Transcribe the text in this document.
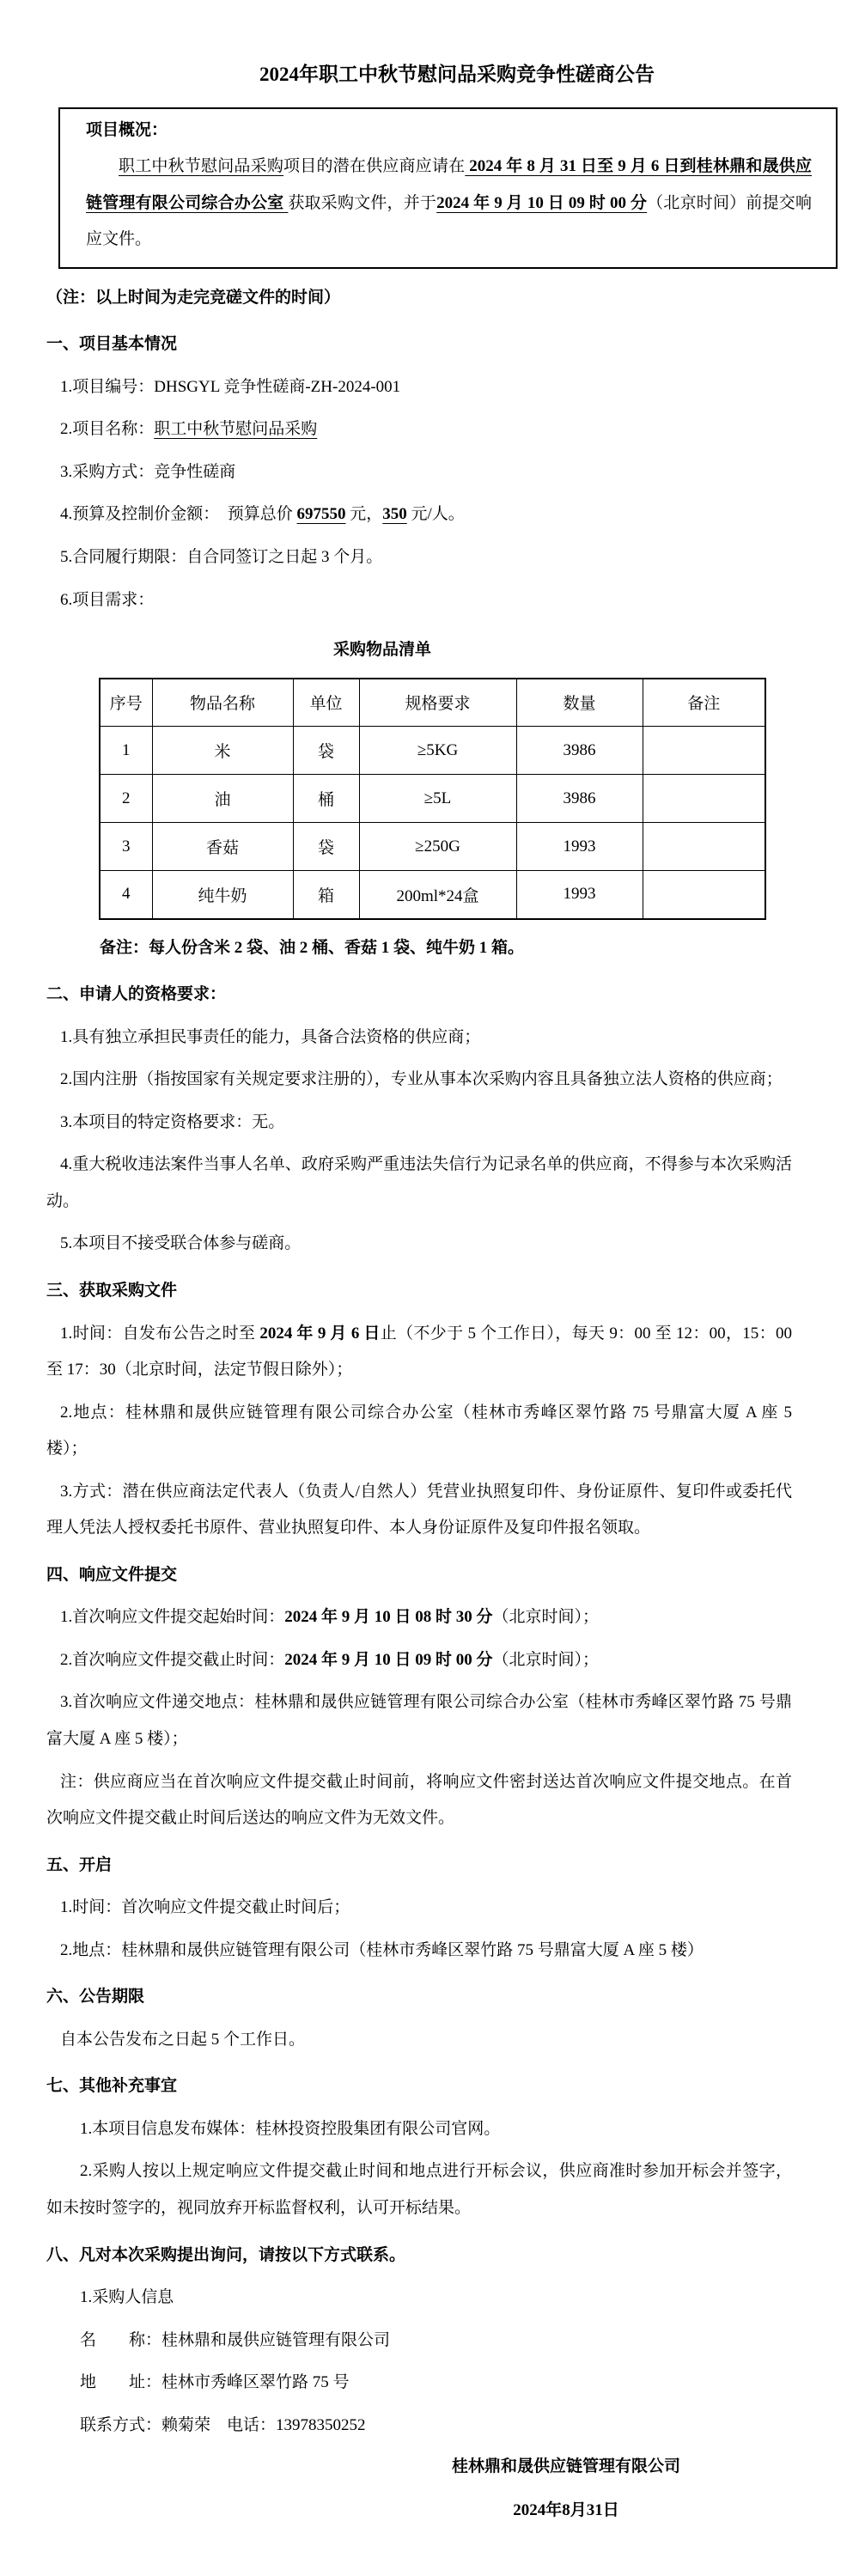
2024年职工中秋节慰问品采购竞争性磋商公告
项目概况：
职工中秋节慰问品采购项目的潜在供应商应请在 2024 年 8 月 31 日至 9 月 6 日到桂林鼎和晟供应链管理有限公司综合办公室 获取采购文件，并于2024 年 9 月 10 日 09 时 00 分（北京时间）前提交响应文件。
（注：以上时间为走完竞磋文件的时间）
一、项目基本情况
1.项目编号：DHSGYL 竞争性磋商-ZH-2024-001
2.项目名称：职工中秋节慰问品采购
3.采购方式：竞争性磋商
4.预算及控制价金额：　预算总价 697550 元，350 元/人。
5.合同履行期限：自合同签订之日起 3 个月。
6.项目需求：
采购物品清单
序号	物品名称	单位	规格要求	数量	备注
1	米	袋	≥5KG	3986	
2	油	桶	≥5L	3986	
3	香菇	袋	≥250G	1993	
4	纯牛奶	箱	200ml*24盒	1993	
备注：每人份含米 2 袋、油 2 桶、香菇 1 袋、纯牛奶 1 箱。
二、申请人的资格要求：
1.具有独立承担民事责任的能力，具备合法资格的供应商；
2.国内注册（指按国家有关规定要求注册的），专业从事本次采购内容且具备独立法人资格的供应商；
3.本项目的特定资格要求：无。
4.重大税收违法案件当事人名单、政府采购严重违法失信行为记录名单的供应商，不得参与本次采购活动。
5.本项目不接受联合体参与磋商。
三、获取采购文件
1.时间：自发布公告之时至 2024 年 9 月 6 日止（不少于 5 个工作日），每天 9：00 至 12：00，15：00 至 17：30（北京时间，法定节假日除外）；
2.地点：桂林鼎和晟供应链管理有限公司综合办公室（桂林市秀峰区翠竹路 75 号鼎富大厦 A 座 5 楼）；
3.方式：潜在供应商法定代表人（负责人/自然人）凭营业执照复印件、身份证原件、复印件或委托代理人凭法人授权委托书原件、营业执照复印件、本人身份证原件及复印件报名领取。
四、响应文件提交
1.首次响应文件提交起始时间：2024 年 9 月 10 日 08 时 30 分（北京时间）；
2.首次响应文件提交截止时间：2024 年 9 月 10 日 09 时 00 分（北京时间）；
3.首次响应文件递交地点：桂林鼎和晟供应链管理有限公司综合办公室（桂林市秀峰区翠竹路 75 号鼎富大厦 A 座 5 楼）；
注：供应商应当在首次响应文件提交截止时间前，将响应文件密封送达首次响应文件提交地点。在首次响应文件提交截止时间后送达的响应文件为无效文件。
五、开启
1.时间：首次响应文件提交截止时间后；
2.地点：桂林鼎和晟供应链管理有限公司（桂林市秀峰区翠竹路 75 号鼎富大厦 A 座 5 楼）
六、公告期限
自本公告发布之日起 5 个工作日。
七、其他补充事宜
1.本项目信息发布媒体：桂林投资控股集团有限公司官网。
2.采购人按以上规定响应文件提交截止时间和地点进行开标会议，供应商准时参加开标会并签字，如未按时签字的，视同放弃开标监督权利，认可开标结果。
八、凡对本次采购提出询问，请按以下方式联系。
1.采购人信息
名　　称：桂林鼎和晟供应链管理有限公司
地　　址：桂林市秀峰区翠竹路 75 号
联系方式：赖菊荣　电话：13978350252
桂林鼎和晟供应链管理有限公司
2024年8月31日
